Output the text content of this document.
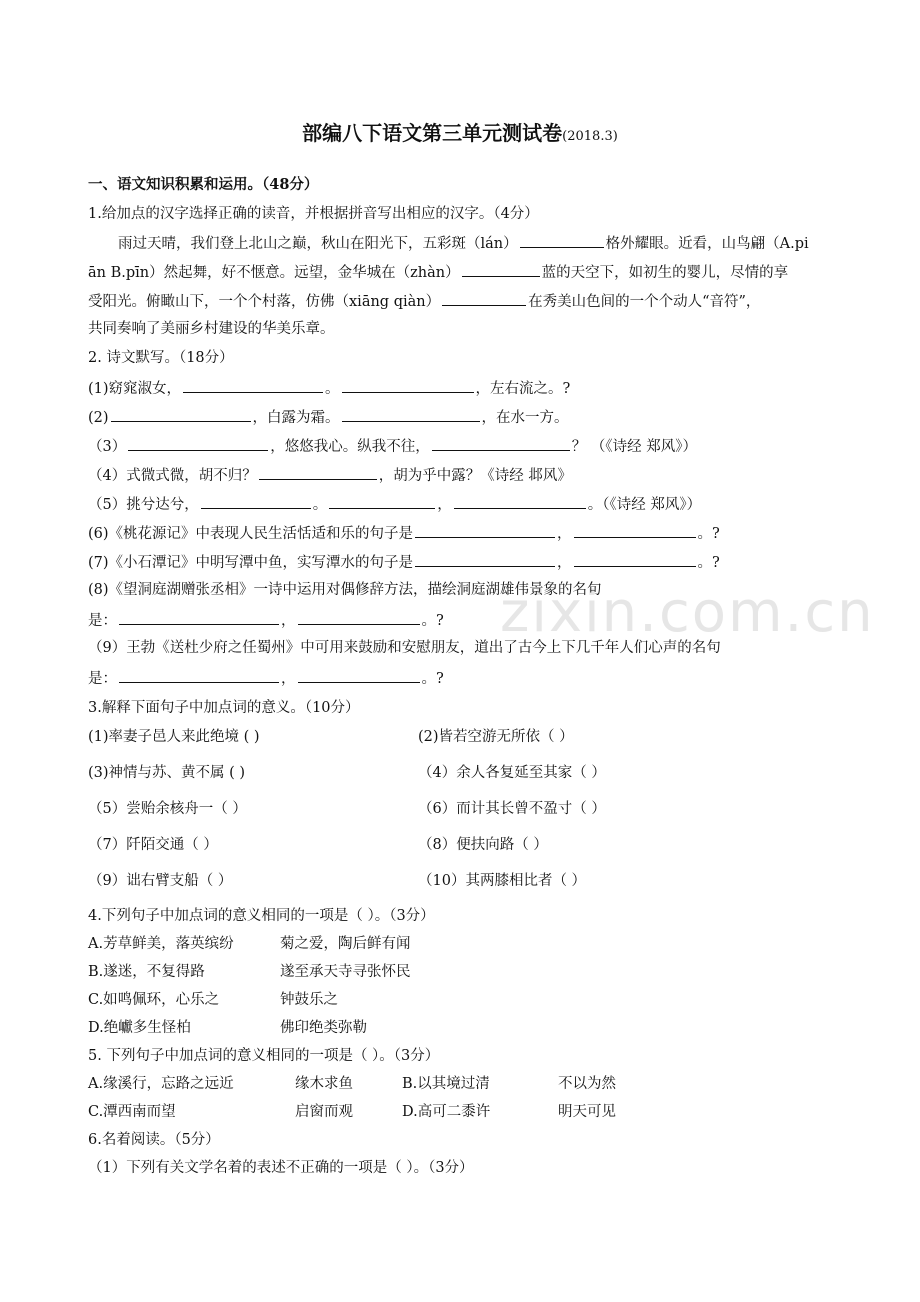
zixin.com.cn
部编八下语文第三单元测试卷(2018.3)
一、语文知识积累和运用。（48分）
1.给加点的汉字选择正确的读音，并根据拼音写出相应的汉字。（4分）
雨过天晴，我们登上北山之巅，秋山在阳光下，五彩斑（lán）	格外耀眼。近看，山鸟翩（A.pi
ān B.pīn）然起舞，好不惬意。远望，金华城在（zhàn）	蓝的天空下，如初生的婴儿，尽情的享
受阳光。俯瞰山下，一个个村落，仿佛（xiāng qiàn）	在秀美山色间的一个个动人“音符”，
共同奏响了美丽乡村建设的华美乐章。
2. 诗文默写。（18分）
(1)窈窕淑女，	。	，左右流之。?
(2)	，白露为霜。	，在水一方。
（3）	，悠悠我心。纵我不往，	？ （《诗经 郑风》）
（4）式微式微，胡不归？	，胡为乎中露？《诗经 邶风》
（5）挑兮达兮，	。	，	。（《诗经 郑风》）
(6)《桃花源记》中表现人民生活恬适和乐的句子是	，	。?
(7)《小石潭记》中明写潭中鱼，实写潭水的句子是	，	。?
(8)《望洞庭湖赠张丞相》一诗中运用对偶修辞方法，描绘洞庭湖雄伟景象的名句
是：	，	。?
（9）王勃《送杜少府之任蜀州》中可用来鼓励和安慰朋友，道出了古今上下几千年人们心声的名句
是：	，	。?
3.解释下面句子中加点词的意义。（10分）
(1)率妻子邑人来此绝境 ( )	(2)皆若空游无所依（ ）
(3)神情与苏、黄不属 ( )	（4）余人各复延至其家（ ）
（5）尝贻余核舟一（ ）	（6）而计其长曾不盈寸（ ）
（7）阡陌交通（ ）	（8）便扶向路（ ）
（9）诎右臂支船（ ）	（10）其两膝相比者（ ）
4.下列句子中加点词的意义相同的一项是（ ）。（3分）
A.芳草鲜美，落英缤纷	菊之爱，陶后鲜有闻
B.遂迷，不复得路	遂至承天寺寻张怀民
C.如鸣佩环，心乐之	钟鼓乐之
D.绝巘多生怪柏	佛印绝类弥勒
5. 下列句子中加点词的意义相同的一项是（ ）。（3分）
A.缘溪行，忘路之远近	缘木求鱼	B.以其境过清	不以为然
C.潭西南而望	启窗而观	D.高可二黍许	明天可见
6.名着阅读。（5分）
（1）下列有关文学名着的表述不正确的一项是（ ）。（3分）
